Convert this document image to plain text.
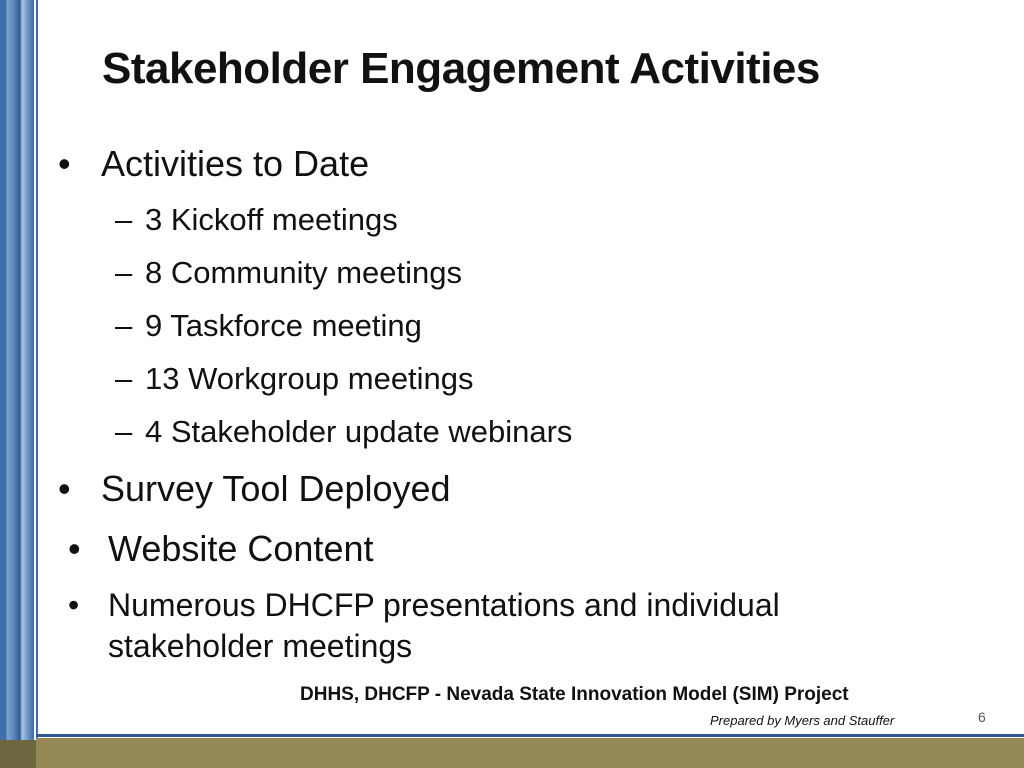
Stakeholder Engagement Activities
• Activities to Date
– 3 Kickoff meetings
– 8 Community meetings
– 9 Taskforce meeting
– 13 Workgroup meetings
– 4 Stakeholder update webinars
• Survey Tool Deployed
• Website Content
• Numerous DHCFP presentations and individual
stakeholder meetings
DHHS, DHCFP - Nevada State Innovation Model (SIM) Project
Prepared by Myers and Stauffer	6
